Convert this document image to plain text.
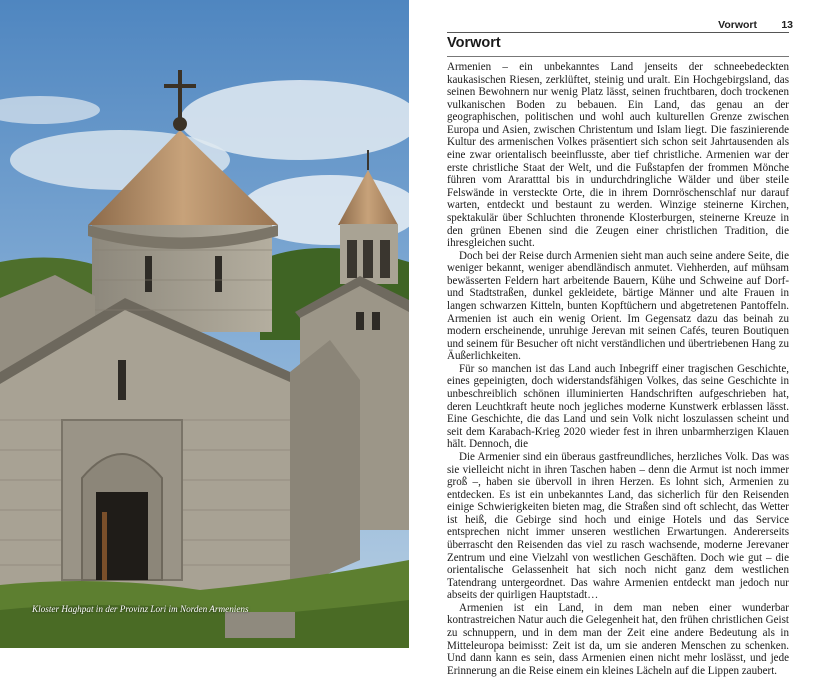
Kloster Haghpat in der Provinz Lori im Norden Armeniens
Vorwort 13
Vorwort

Armenien – ein unbekanntes Land jenseits der schneebedeckten kaukasischen Riesen, zerklüftet, steinig und uralt. Ein Hochgebirgsland, das seinen Bewohnern nur wenig Platz lässt, seinen fruchtbaren, doch trockenen vulkanischen Boden zu bebauen. Ein Land, das genau an der geographischen, politischen und wohl auch kulturellen Grenze zwischen Europa und Asien, zwischen Christentum und Islam liegt. Die faszinierende Kultur des armenischen Volkes präsentiert sich schon seit Jahrtausenden als eine zwar orientalisch beeinflusste, aber tief christliche. Armenien war der erste christliche Staat der Welt, und die Fußstapfen der frommen Mönche führen vom Araratttal bis in undurchdringliche Wälder und über steile Felswände in versteckte Orte, die in ihrem Dornröschenschlaf nur darauf warten, entdeckt und bestaunt zu werden. Winzige steinerne Kirchen, spektakulär über Schluchten thronende Klosterburgen, steinerne Kreuze in den grünen Ebenen sind die Zeugen einer christlichen Tradition, die ihresgleichen sucht.

Doch bei der Reise durch Armenien sieht man auch seine andere Seite, die weniger bekannt, weniger abendländisch anmutet. Viehherden, auf mühsam bewässerten Feldern hart arbeitende Bauern, Kühe und Schweine auf Dorf- und Stadtstraßen, dunkel gekleidete, bärtige Männer und alte Frauen in langen schwarzen Kitteln, bunten Kopftüchern und abgetretenen Pantoffeln. Armenien ist auch ein wenig Orient. Im Gegensatz dazu das beinah zu modern erscheinende, unruhige Jerevan mit seinen Cafés, teuren Boutiquen und seinem für Besucher oft nicht verständlichen und übertriebenen Hang zu Äußerlichkeiten.

Für so manchen ist das Land auch Inbegriff einer tragischen Geschichte, eines gepeinigten, doch widerstandsfähigen Volkes, das seine Geschichte in unbeschreiblich schönen illuminierten Handschriften aufgeschrieben hat, deren Leuchtkraft heute noch jegliches moderne Kunstwerk erblassen lässt. Eine Geschichte, die das Land und sein Volk nicht loszulassen scheint und seit dem Karabach-Krieg 2020 wieder fest in ihren unbarmherzigen Klauen hält. Dennoch, die

Die Armenier sind ein überaus gastfreundliches, herzliches Volk. Das was sie vielleicht nicht in ihren Taschen haben – denn die Armut ist noch immer groß –, haben sie übervoll in ihren Herzen. Es lohnt sich, Armenien zu entdecken. Es ist ein unbekanntes Land, das sicherlich für den Reisenden einige Schwierigkeiten bieten mag, die Straßen sind oft schlecht, das Wetter ist heiß, die Gebirge sind hoch und einige Hotels und das Service entsprechen nicht immer unseren westlichen Erwartungen. Andererseits überrascht den Reisenden das viel zu rasch wachsende, moderne Jerevaner Zentrum und eine Vielzahl von westlichen Geschäften. Doch wie gut – die orientalische Gelassenheit hat sich noch nicht ganz dem westlichen Tatendrang untergeordnet. Das wahre Armenien entdeckt man jedoch nur abseits der quirligen Hauptstadt…

Armenien ist ein Land, in dem man neben einer wunderbar kontrastreichen Natur auch die Gelegenheit hat, den frühen christlichen Geist zu schnuppern, und in dem man der Zeit eine andere Bedeutung als in Mitteleuropa beimisst: Zeit ist da, um sie anderen Menschen zu schenken. Und dann kann es sein, dass Armenien einen nicht mehr loslässt, und jede Erinnerung an die Reise einem ein kleines Lächeln auf die Lippen zaubert.
